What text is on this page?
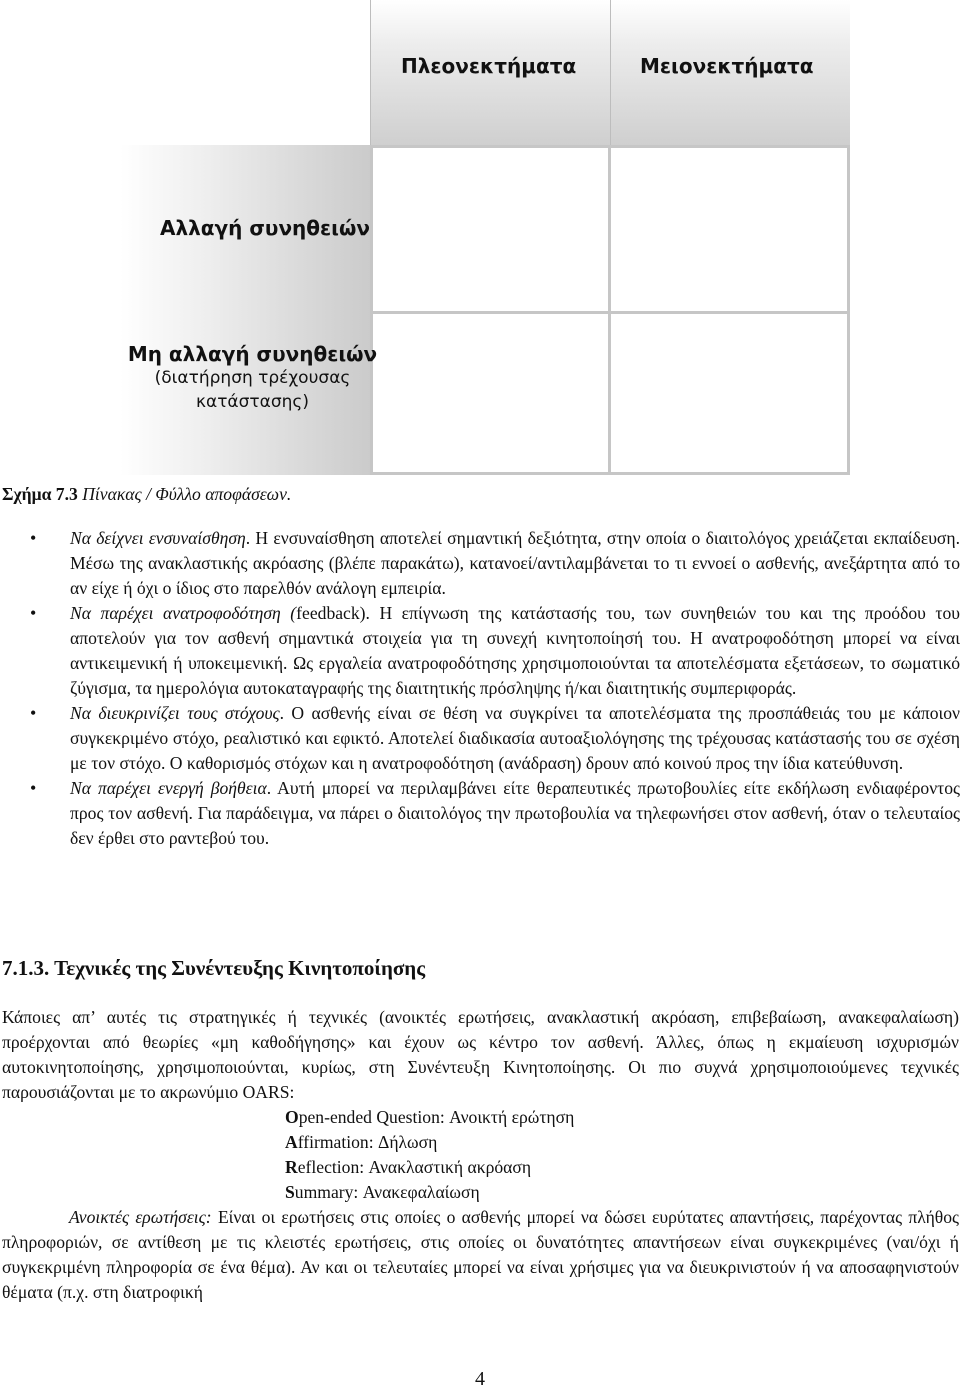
Πλεονεκτήματα	Μειονεκτήματα
Αλλαγή συνηθειών
Μη αλλαγή συνηθειών
(διατήρηση τρέχουσας κατάστασης)
Σχήμα 7.3 Πίνακας / Φύλλο αποφάσεων.
• Να δείχνει ενσυναίσθηση. Η ενσυναίσθηση αποτελεί σημαντική δεξιότητα, στην οποία ο διαιτολόγος χρειάζεται εκπαίδευση. Μέσω της ανακλαστικής ακρόασης (βλέπε παρακάτω), κατανοεί/αντιλαμβάνεται το τι εννοεί ο ασθενής, ανεξάρτητα από το αν είχε ή όχι ο ίδιος στο παρελθόν ανάλογη εμπειρία.
• Να παρέχει ανατροφοδότηση (feedback). Η επίγνωση της κατάστασής του, των συνηθειών του και της προόδου του αποτελούν για τον ασθενή σημαντικά στοιχεία για τη συνεχή κινητοποίησή του. Η ανατροφοδότηση μπορεί να είναι αντικειμενική ή υποκειμενική. Ως εργαλεία ανατροφοδότησης χρησιμοποιούνται τα αποτελέσματα εξετάσεων, το σωματικό ζύγισμα, τα ημερολόγια αυτοκαταγραφής της διαιτητικής πρόσληψης ή/και διαιτητικής συμπεριφοράς.
• Να διευκρινίζει τους στόχους. Ο ασθενής είναι σε θέση να συγκρίνει τα αποτελέσματα της προσπάθειάς του με κάποιον συγκεκριμένο στόχο, ρεαλιστικό και εφικτό. Αποτελεί διαδικασία αυτοαξιολόγησης της τρέχουσας κατάστασής του σε σχέση με τον στόχο. Ο καθορισμός στόχων και η ανατροφοδότηση (ανάδραση) δρουν από κοινού προς την ίδια κατεύθυνση.
• Να παρέχει ενεργή βοήθεια. Αυτή μπορεί να περιλαμβάνει είτε θεραπευτικές πρωτοβουλίες είτε εκδήλωση ενδιαφέροντος προς τον ασθενή. Για παράδειγμα, να πάρει ο διαιτολόγος την πρωτοβουλία να τηλεφωνήσει στον ασθενή, όταν ο τελευταίος δεν έρθει στο ραντεβού του.
7.1.3. Τεχνικές της Συνέντευξης Κινητοποίησης
Κάποιες απ’ αυτές τις στρατηγικές ή τεχνικές (ανοικτές ερωτήσεις, ανακλαστική ακρόαση, επιβεβαίωση, ανακεφαλαίωση) προέρχονται από θεωρίες «μη καθοδήγησης» και έχουν ως κέντρο τον ασθενή. Άλλες, όπως η εκμαίευση ισχυρισμών αυτοκινητοποίησης, χρησιμοποιούνται, κυρίως, στη Συνέντευξη Κινητοποίησης. Οι πιο συχνά χρησιμοποιούμενες τεχνικές παρουσιάζονται με το ακρωνύμιο OARS:
Open-ended Question: Ανοικτή ερώτηση
Affirmation: Δήλωση
Reflection: Ανακλαστική ακρόαση
Summary: Ανακεφαλαίωση
Ανοικτές ερωτήσεις: Είναι οι ερωτήσεις στις οποίες ο ασθενής μπορεί να δώσει ευρύτατες απαντήσεις, παρέχοντας πλήθος πληροφοριών, σε αντίθεση με τις κλειστές ερωτήσεις, στις οποίες οι δυνατότητες απαντήσεων είναι συγκεκριμένες (ναι/όχι ή συγκεκριμένη πληροφορία σε ένα θέμα). Αν και οι τελευταίες μπορεί να είναι χρήσιμες για να διευκρινιστούν ή να αποσαφηνιστούν θέματα (π.χ. στη διατροφική
4
